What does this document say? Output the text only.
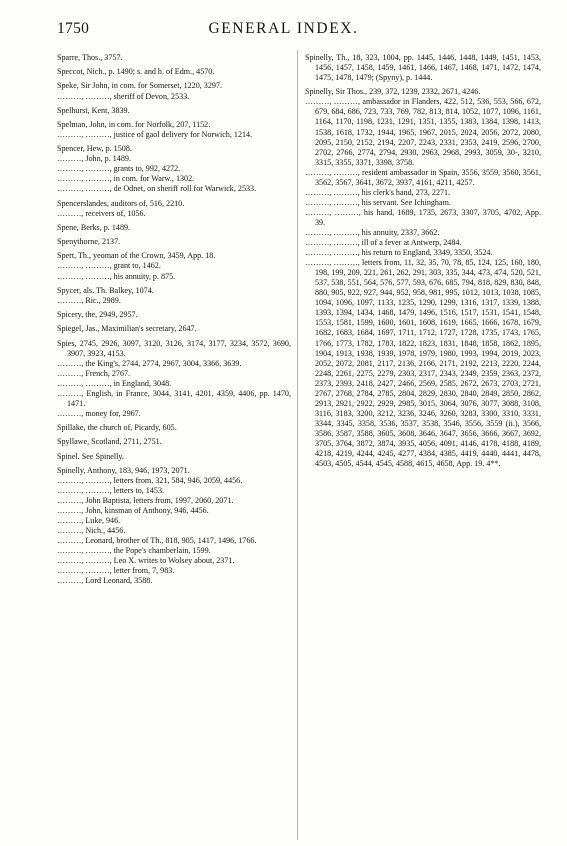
1750	GENERAL INDEX.
Sparre, Thos., 3757.
Speccot, Nich., p. 1490; s. and h. of Edm., 4570.
Speke, Sir John, in com. for Somerset, 1220, 3297.
………, ………, sheriff of Devon, 2533.
Spelhurst, Kent, 3839.
Spelman, John, in com. for Norfolk, 207, 1152.
………, ………, justice of gaol delivery for Norwich, 1214.
Spencer, Hew, p. 1508.
………, John, p. 1489.
………, ………, grants to, 992, 4272.
………, ………, in com. for Warw., 1302.
………, ………, de Odnet, on sheriff roll for Warwick, 2533.
Spencerslandes, auditors of, 516, 2210.
………, receivers of, 1056.
Spene, Berks, p. 1489.
Spenythorne, 2137.
Spert, Th., yeoman of the Crown, 3459, App. 18.
………, ………, grant to, 1462.
………, ………, his annuity, p. 875.
Spycer, als. Th. Balkey, 1074.
………, Ric., 2989.
Spicery, the, 2949, 2957.
Spiegel, Jas., Maximilian's secretary, 2647.
Spies, 2745, 2926, 3097, 3120, 3126, 3174, 3177, 3234, 3572, 3690, 3907, 3923, 4153.
………, the King's, 2744, 2774, 2967, 3004, 3366, 3639.
………, French, 2767.
………, ………, in England, 3048.
………, English, in France, 3044, 3141, 4201, 4359, 4406, pp. 1470, 1471.
………, money for, 2967.
Spillake, the church of, Picardy, 605.
Spyllawe, Scotland, 2711, 2751.
Spinel. See Spinelly.
Spinelly, Anthony, 183, 946, 1973, 2071.
………, ………, letters from, 321, 584, 946, 2059, 4456.
………, ………, letters to, 1453.
………, John Baptista, letters from, 1997, 2060, 2071.
………, John, kinsman of Anthony, 946, 4456.
………, Luke, 946.
………, Nich., 4456.
………, Leonard, brother of Th., 818, 905, 1417, 1496, 1766.
………, ………, the Pope's chamberlain, 1599.
………, ………, Leo X. writes to Wolsey about, 2371.
………, ………, letter from, 7, 983.
………, Lord Leonard, 3588.
Spinelly, Th., 18, 323, 1004, pp. 1445, 1446, 1448, 1449, 1451, 1453, 1456, 1457, 1458, 1459, 1461, 1466, 1467, 1468, 1471, 1472, 1474, 1475, 1478, 1479; (Spyny), p. 1444.
Spinelly, Sir Thos., 239, 372, 1239, 2332, 2671, 4246.
………, ………, ambassador in Flanders, 422, 512, 536, 553, 566, 672, 679, 684, 686, 723, 733, 769, 782, 813, 814, 1052, 1077, 1096, 1161, 1164, 1170, 1198, 1231, 1291, 1351, 1355, 1383, 1384, 1398, 1413, 1538, 1618, 1732, 1944, 1965, 1967, 2015, 2024, 2056, 2072, 2080, 2095, 2150, 2152, 2194, 2207, 2243, 2331, 2353, 2419, 2596, 2700, 2702, 2766, 2774, 2794, 2930, 2963, 2968, 2993, 3059, 30-, 3210, 3315, 3355, 3371, 3398, 3758.
………, ………, resident ambassador in Spain, 3556, 3559, 3560, 3561, 3562, 3567, 3641, 3672, 3937, 4161, 4211, 4257.
………, ………, his clerk's hand, 273, 2271.
………, ………, his servant. See Ichingham.
………, ………, his hand, 1689, 1735, 2673, 3307, 3705, 4702, App. 39.
………, ………, his annuity, 2337, 3662.
………, ………, ill of a fever at Antwerp, 2484.
………, ………, his return to England, 3349, 3350, 3524.
………, ………, letters from, 11, 32, 35, 70, 78, 85, 124, 125, 160, 180, 198, 199, 209, 221, 261, 262, 291, 303, 335, 344, 473, 474, 520, 521, 537, 538, 551, 564, 576, 577, 593, 676, 685, 794, 818, 829, 830, 848, 880, 905, 922, 927, 944, 952, 958, 981, 995, 1012, 1013, 1038, 1085, 1094, 1096, 1097, 1133, 1235, 1290, 1299, 1316, 1317, 1339, 1388, 1393, 1394, 1434, 1468, 1479, 1496, 1516, 1517, 1531, 1541, 1548, 1553, 1581, 1599, 1600, 1601, 1608, 1619, 1665, 1666, 1678, 1679, 1682, 1683, 1684, 1697, 1711, 1712, 1727, 1728, 1735, 1743, 1765, 1766, 1773, 1782, 1783, 1822, 1823, 1831, 1848, 1858, 1862, 1895, 1904, 1913, 1938, 1939, 1978, 1979, 1980, 1993, 1994, 2019, 2023, 2052, 2072, 2081, 2117, 2136, 2166, 2171, 2192, 2213, 2220, 2244, 2248, 2261, 2275, 2279, 2303, 2317, 2343, 2349, 2359, 2363, 2372, 2373, 2393, 2418, 2427, 2466, 2569, 2585, 2672, 2673, 2703, 2721, 2767, 2768, 2784, 2785, 2804, 2829, 2830, 2840, 2849, 2850, 2862, 2913, 2921, 2922, 2929, 2985, 3015, 3064, 3076, 3077, 3088, 3108, 3116, 3183, 3200, 3212, 3236, 3246, 3260, 3283, 3300, 3310, 3331, 3344, 3345, 3358, 3536, 3537, 3538, 3546, 3556, 3559 (ii.), 3566, 3586, 3587, 3588, 3605, 3608, 3646, 3647, 3656, 3666, 3667, 3692, 3705, 3764, 3872, 3874, 3935, 4056, 4091, 4146, 4178, 4188, 4189, 4218, 4219, 4244, 4245, 4277, 4384, 4385, 4419, 4440, 4441, 4478, 4503, 4505, 4544, 4545, 4588, 4615, 4658, App. 19. 4**.
